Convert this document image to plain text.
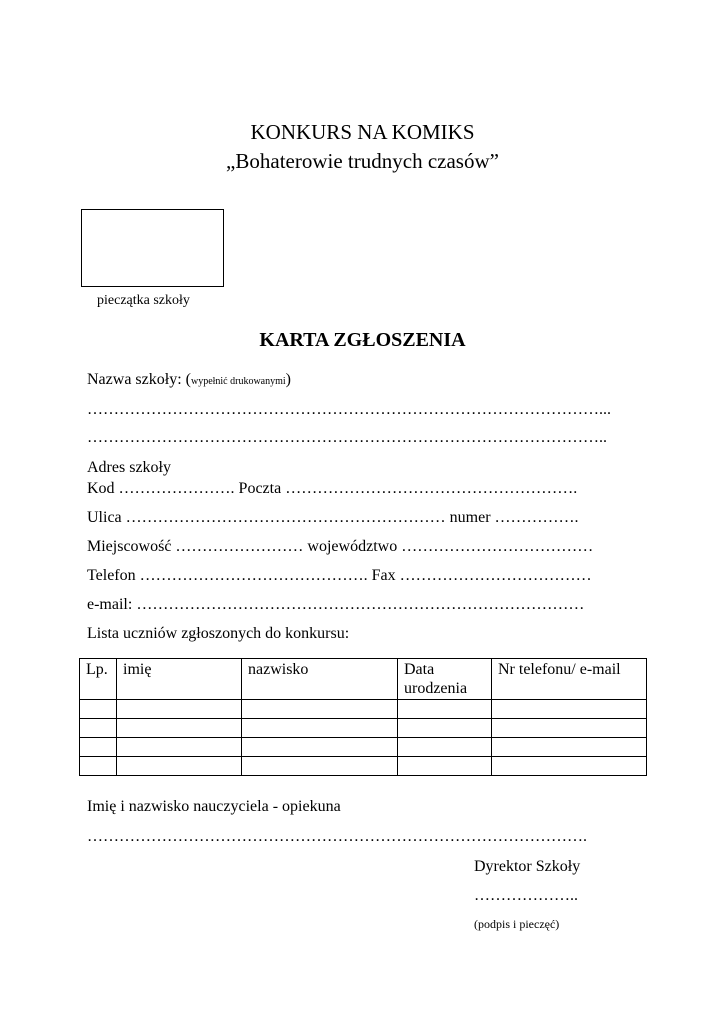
KONKURS NA KOMIKS
„Bohaterowie trudnych czasów”
pieczątka szkoły
KARTA ZGŁOSZENIA
Nazwa szkoły: (wypełnić drukowanymi)
……………………………………………………………………………………...
……………………………………………………………………………………..
Adres szkoły
Kod …………………. Poczta ……………………………………………….
Ulica …………………………………………………… numer …………….
Miejscowość …………………… województwo ………………………………
Telefon ……………………………………. Fax ………………………………
e-mail: …………………………………………………………………………
Lista uczniów zgłoszonych do konkursu:
Lp.	imię	nazwisko	Data urodzenia	Nr telefonu/ e-mail

Imię i nazwisko nauczyciela - opiekuna
………………………………………………………………………………….
Dyrektor Szkoły
………………..
(podpis i pieczęć)
